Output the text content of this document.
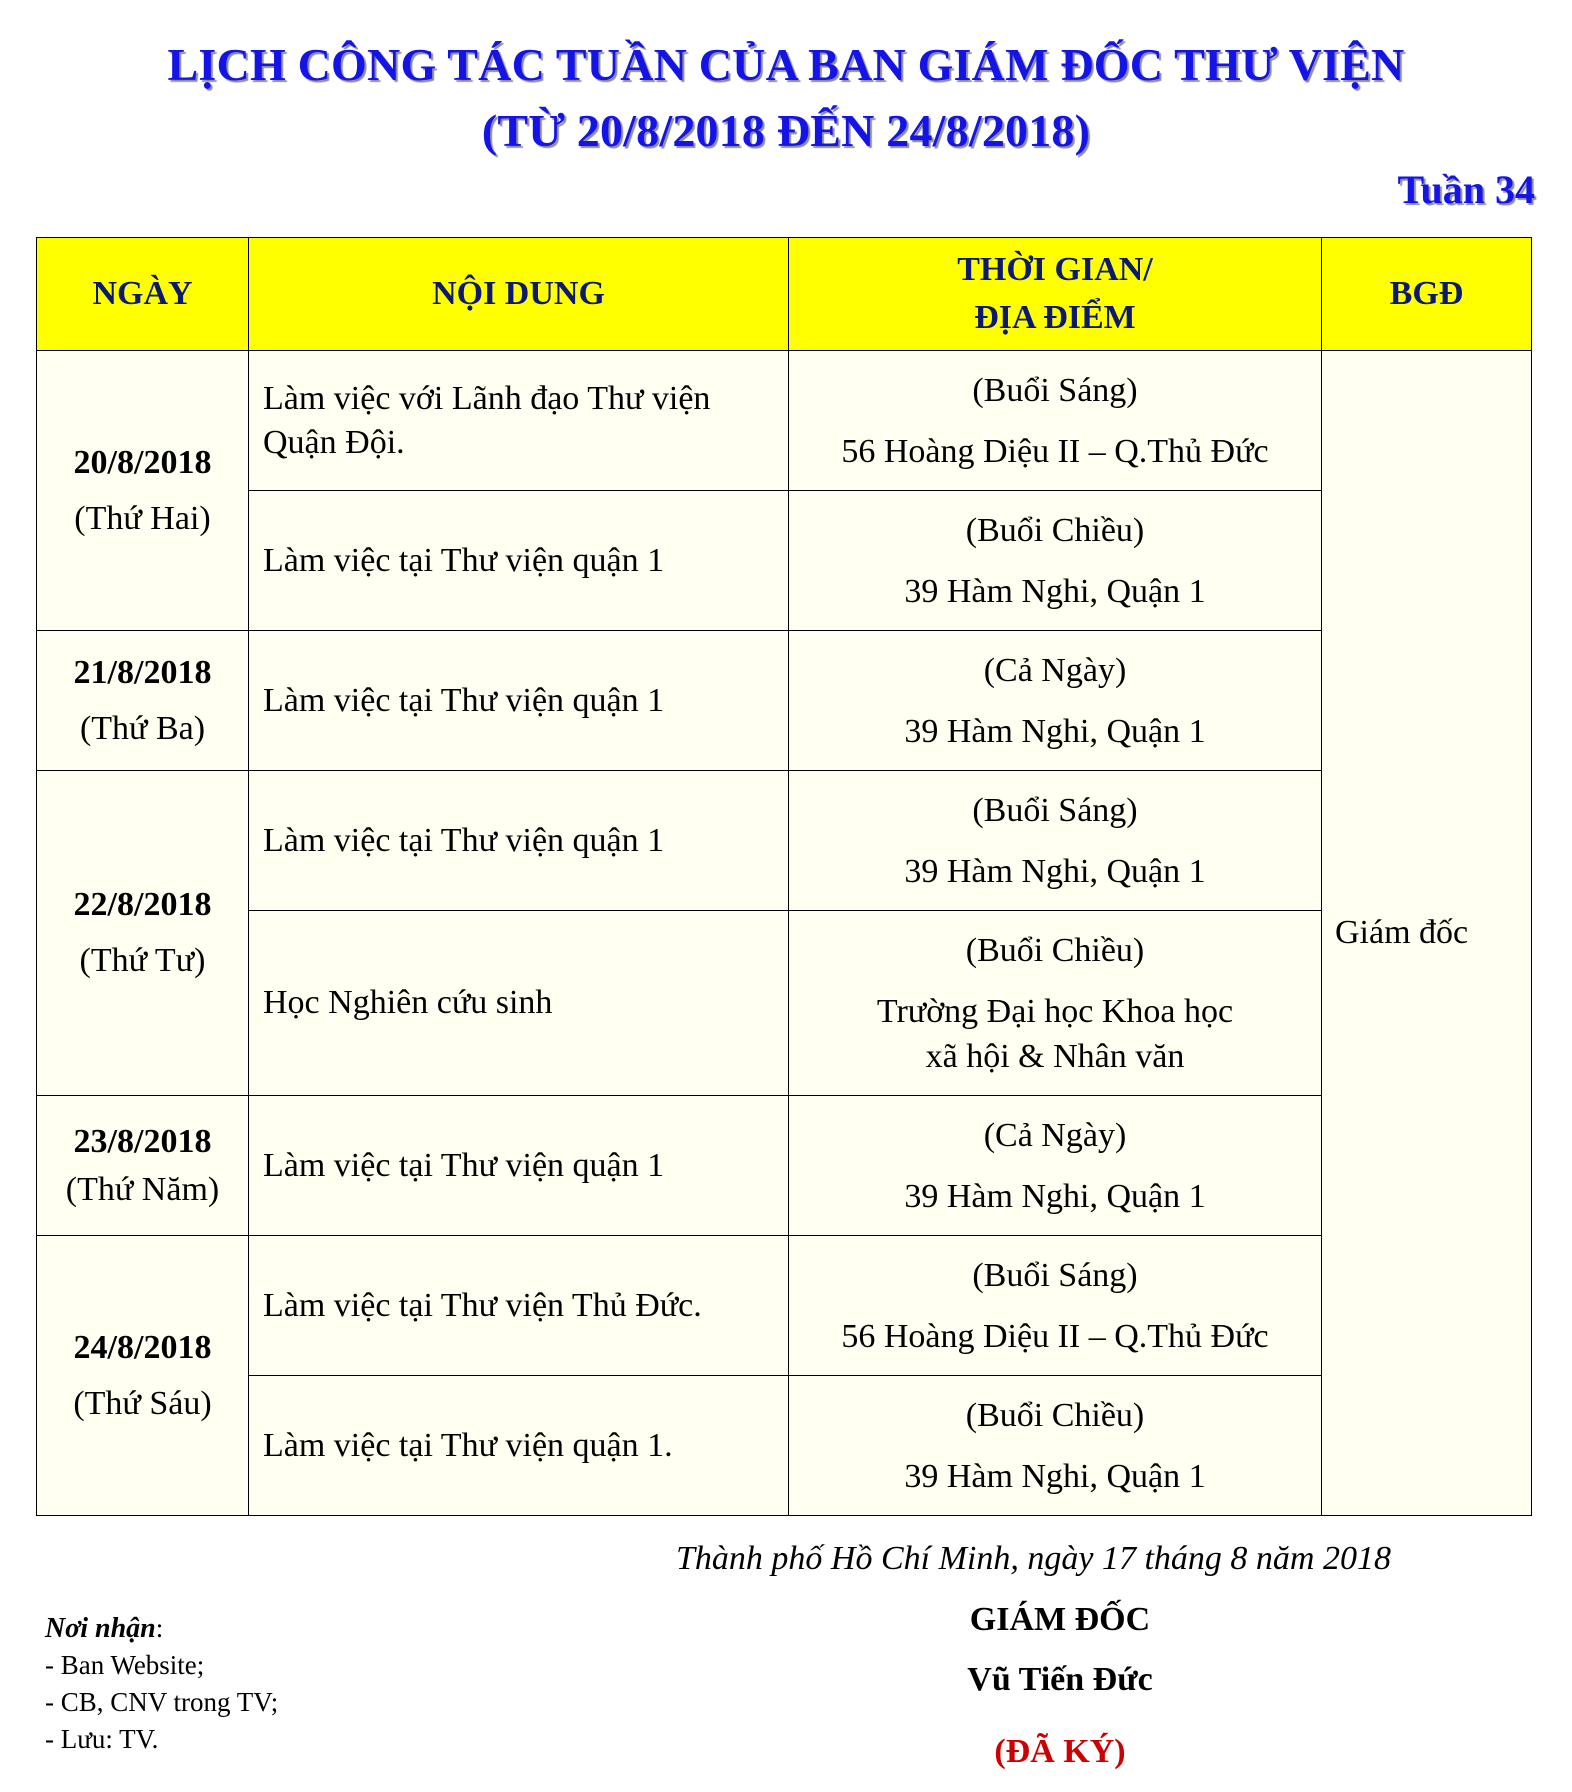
LỊCH CÔNG TÁC TUẦN CỦA BAN GIÁM ĐỐC THƯ VIỆN
(TỪ 20/8/2018 ĐẾN 24/8/2018)
Tuần 34
NGÀY	NỘI DUNG	THỜI GIAN/
ĐỊA ĐIỂM	BGĐ

20/8/2018
(Thứ Hai)	Làm việc với Lãnh đạo Thư viện Quận Đội.	(Buổi Sáng)
56 Hoàng Diệu II – Q.Thủ Đức	Giám đốc
	Làm việc tại Thư viện quận 1	(Buổi Chiều)
39 Hàm Nghi, Quận 1	

21/8/2018
(Thứ Ba)	Làm việc tại Thư viện quận 1	(Cả Ngày)
39 Hàm Nghi, Quận 1	

22/8/2018
(Thứ Tư)	Làm việc tại Thư viện quận 1	(Buổi Sáng)
39 Hàm Nghi, Quận 1	

	Học Nghiên cứu sinh	(Buổi Chiều)
Trường Đại học Khoa học
xã hội & Nhân văn	

23/8/2018
(Thứ Năm)	Làm việc tại Thư viện quận 1	(Cả Ngày)
39 Hàm Nghi, Quận 1	

24/8/2018
(Thứ Sáu)	Làm việc tại Thư viện Thủ Đức.	(Buổi Sáng)
56 Hoàng Diệu II – Q.Thủ Đức	

	Làm việc tại Thư viện quận 1.	(Buổi Chiều)
39 Hàm Nghi, Quận 1	
Thành phố Hồ Chí Minh, ngày 17 tháng 8 năm 2018
GIÁM ĐỐC
Vũ Tiến Đức
(ĐÃ KÝ)
Nơi nhận:
- Ban Website;
- CB, CNV trong TV;
- Lưu: TV.
